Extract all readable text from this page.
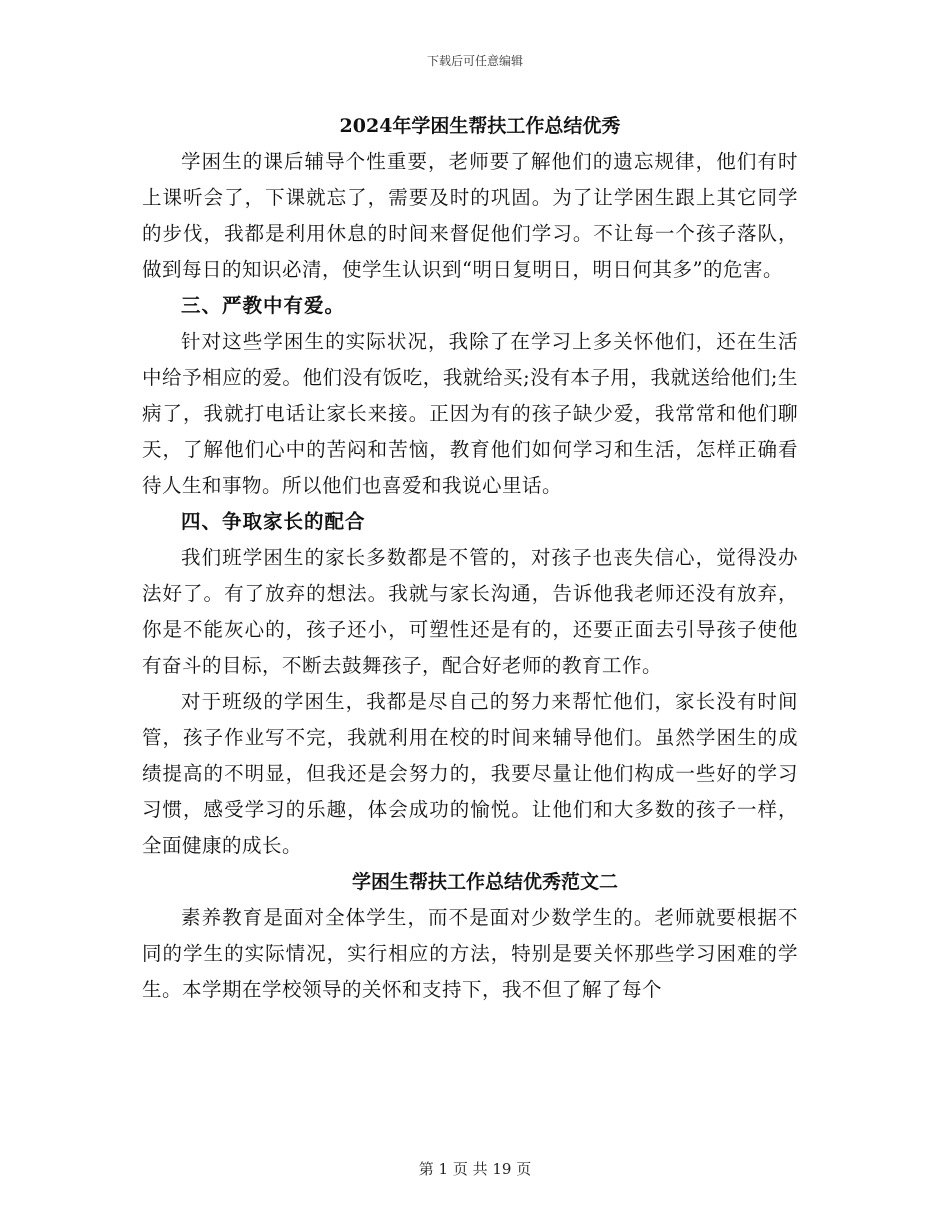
下载后可任意编辑
2024年学困生帮扶工作总结优秀

学困生的课后辅导个性重要，老师要了解他们的遗忘规律，他们有时上课听会了，下课就忘了，需要及时的巩固。为了让学困生跟上其它同学的步伐，我都是利用休息的时间来督促他们学习。不让每一个孩子落队，做到每日的知识必清，使学生认识到“明日复明日，明日何其多”的危害。

三、严教中有爱。

针对这些学困生的实际状况，我除了在学习上多关怀他们，还在生活中给予相应的爱。他们没有饭吃，我就给买;没有本子用，我就送给他们;生病了，我就打电话让家长来接。正因为有的孩子缺少爱，我常常和他们聊天，了解他们心中的苦闷和苦恼，教育他们如何学习和生活，怎样正确看待人生和事物。所以他们也喜爱和我说心里话。

四、争取家长的配合

我们班学困生的家长多数都是不管的，对孩子也丧失信心，觉得没办法好了。有了放弃的想法。我就与家长沟通，告诉他我老师还没有放弃，你是不能灰心的，孩子还小，可塑性还是有的，还要正面去引导孩子使他有奋斗的目标，不断去鼓舞孩子，配合好老师的教育工作。

对于班级的学困生，我都是尽自己的努力来帮忙他们，家长没有时间管，孩子作业写不完，我就利用在校的时间来辅导他们。虽然学困生的成绩提高的不明显，但我还是会努力的，我要尽量让他们构成一些好的学习习惯，感受学习的乐趣，体会成功的愉悦。让他们和大多数的孩子一样，全面健康的成长。

学困生帮扶工作总结优秀范文二

素养教育是面对全体学生，而不是面对少数学生的。老师就要根据不同的学生的实际情况，实行相应的方法，特别是要关怀那些学习困难的学生。本学期在学校领导的关怀和支持下，我不但了解了每个

第 1 页 共 19 页
